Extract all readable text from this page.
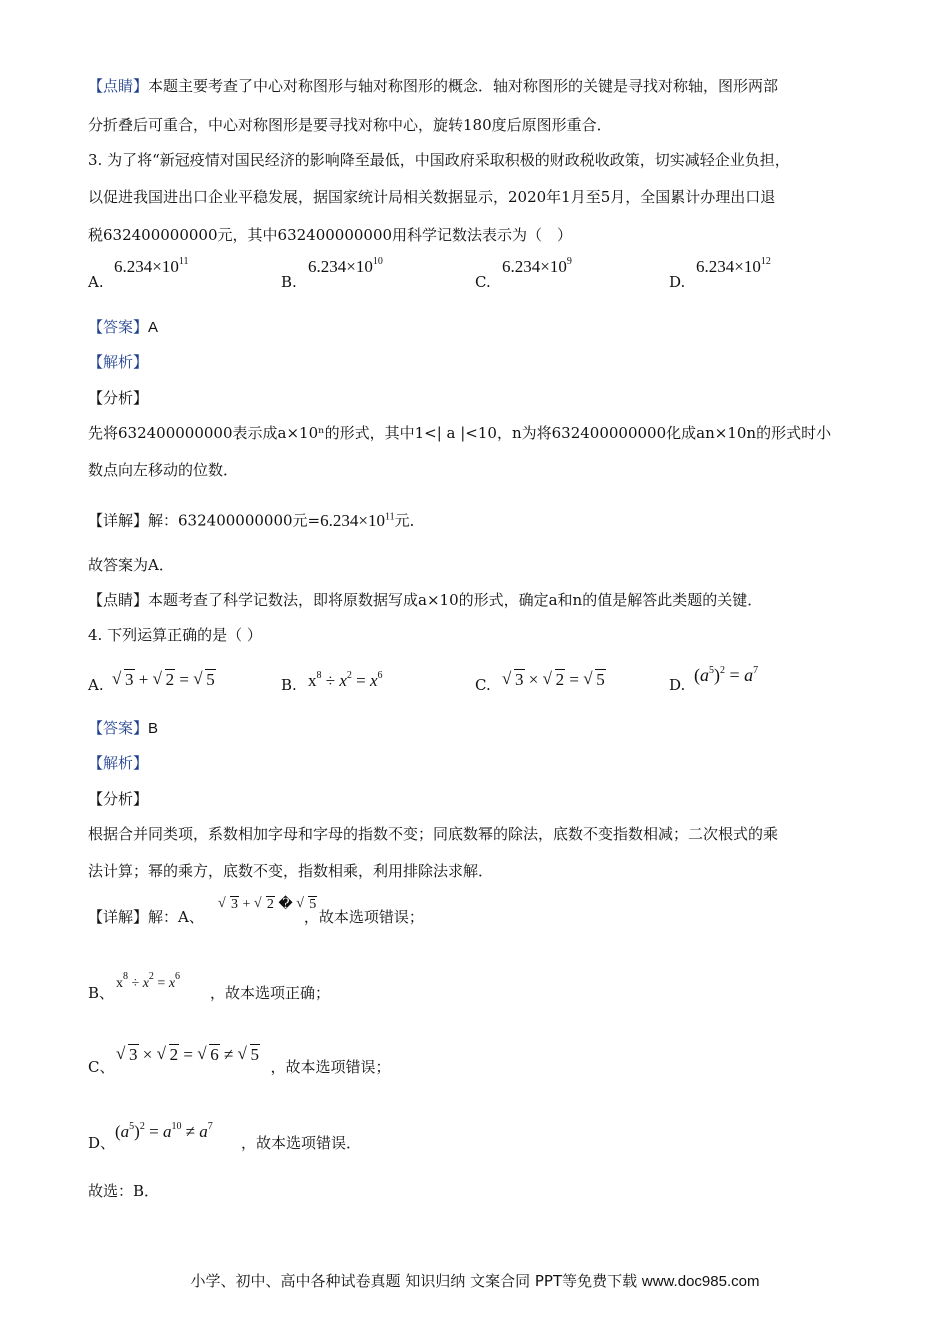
【点睛】本题主要考查了中心对称图形与轴对称图形的概念．轴对称图形的关键是寻找对称轴，图形两部
分折叠后可重合，中心对称图形是要寻找对称中心，旋转180度后原图形重合．
3. 为了将“新冠疫情对国民经济的影响降至最低，中国政府采取积极的财政税收政策，切实减轻企业负担，
以促进我国进出口企业平稳发展，据国家统计局相关数据显示，2020年1月至5月，全国累计办理出口退
税632400000000元，其中632400000000用科学记数法表示为（　）
A.
$6.234\times 10^{11}$
B.
$6.234\times 10^{10}$
C.
$6.234\times 10^9$
D.
$6.234\times 10^{12}$
【答案】A
【解析】
【分析】
先将632400000000表示成a×10ⁿ的形式，其中1<| a |<10，n为将632400000000化成an×10n的形式时小
数点向左移动的位数．
【详解】解：632400000000元$=6.234\times 10^{11}$元．
故答案为A．
【点睛】本题考查了科学记数法，即将原数据写成a×10的形式，确定a和n的值是解答此类题的关键．
4. 下列运算正确的是（ ）
A.	√ 3 + √ 2 = √ 5	B. $x^8 \div x^2 = x^6$
C.	√ 3 × √ 2 = √ 5	D. $(a^5)^2 = a^7$
【答案】B
【解析】
【分析】
根据合并同类项，系数相加字母和字母的指数不变；同底数幂的除法，底数不变指数相减；二次根式的乘
法计算；幂的乘方，底数不变，指数相乘，利用排除法求解．
【详解】解：A、	，故本选项错误；
√ 3 + √ 2 � √ 5
B、	，故本选项正确；
$x^8 \div x^2 = x^6$
C、	，故本选项错误；
√ 3 × √ 2 = √ 6 ≠ √ 5
D、	，故本选项错误．
$(a^5)^2 = a^{10} \ne a^7$
故选：B．
小学、初中、高中各种试卷真题 知识归纳 文案合同 PPT等免费下载 www.doc985.com
